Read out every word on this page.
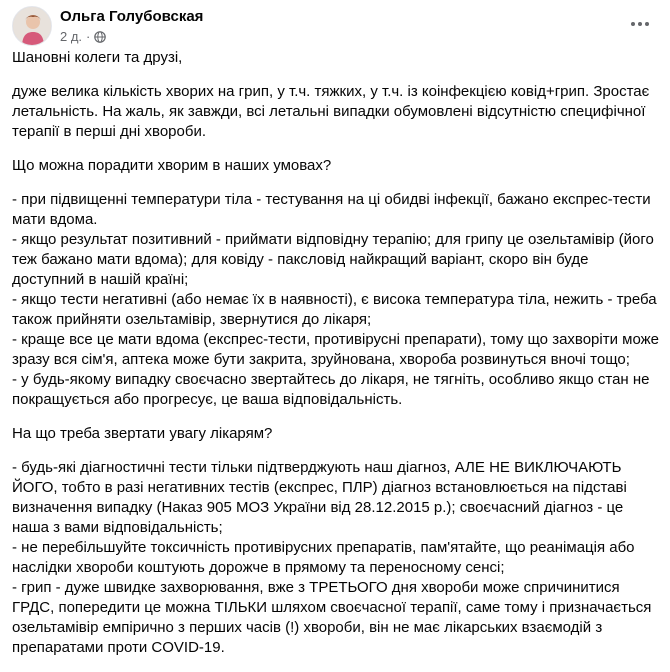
Ольга Голубовская
2 д. ·

Шановні колеги та друзі,

дуже велика кількість хворих на грип, у т.ч. тяжких, у т.ч. із коінфекцією ковід+грип. Зростає летальність. На жаль, як завжди, всі летальні випадки обумовлені відсутністю специфічної терапії в перші дні хвороби.

Що можна порадити хворим в наших умовах?

- при підвищенні температури тіла - тестування на ці обидві інфекції, бажано експрес-тести мати вдома.
- якщо результат позитивний - приймати відповідну терапію; для грипу це озельтамівір (його теж бажано мати вдома); для ковіду - паксловід найкращий варіант, скоро він буде доступний в нашій країні;
- якщо тести негативні (або немає їх в наявності), є висока температура тіла, нежить - треба також прийняти озельтамівір, звернутися до лікаря;
- краще все це мати вдома (експрес-тести, противірусні препарати), тому що захворіти може зразу вся сім'я, аптека може бути закрита, зруйнована, хвороба розвинуться вночі тощо;
- у будь-якому випадку своєчасно звертайтесь до лікаря, не тягніть, особливо якщо стан не покращується або прогресує, це ваша відповідальність.

На що треба звертати увагу лікарям?

- будь-які діагностичні тести тільки підтверджують наш діагноз, АЛЕ НЕ ВИКЛЮЧАЮТЬ ЙОГО, тобто в разі негативних тестів (експрес, ПЛР) діагноз встановлюється на підставі визначення випадку (Наказ 905 МОЗ України від 28.12.2015 р.); своєчасний діагноз - це наша з вами відповідальність;
- не перебільшуйте токсичність противірусних препаратів, пам'ятайте, що реанімація або наслідки хвороби коштують дорожче в прямому та переносному сенсі;
- грип - дуже швидке захворювання, вже з ТРЕТЬОГО дня хвороби може спричинитися ГРДС, попередити це можна ТІЛЬКИ шляхом своєчасної терапії, саме тому і призначається озельтамівір емпірично з перших часів (!) хвороби, він не має лікарських взаємодій з препаратами проти COVID-19.
